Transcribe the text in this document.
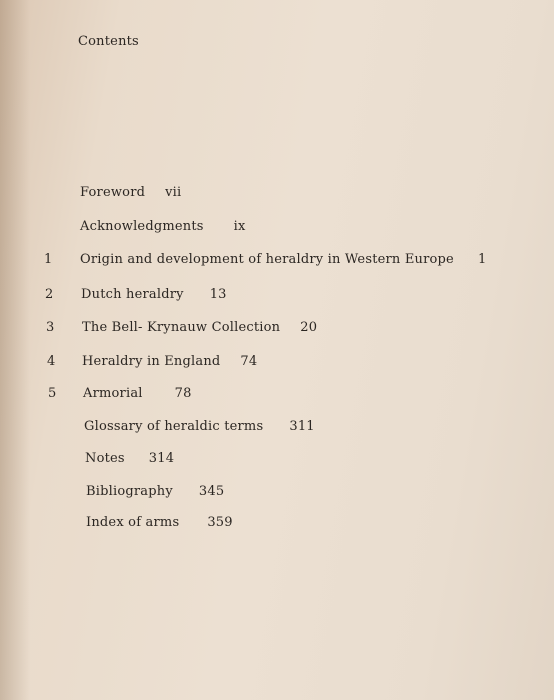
Contents
Foreword vii
Acknowledgments ix
1 Origin and development of heraldry in Western Europe 1
2 Dutch heraldry 13
3 The Bell- Krynauw Collection 20
4 Heraldry in England 74
5 Armorial 78
Glossary of heraldic terms 311
Notes 314
Bibliography 345
Index of arms 359
